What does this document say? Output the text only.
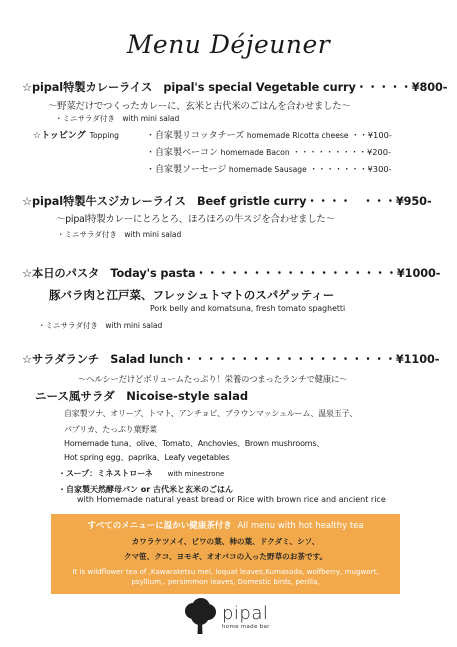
Menu Déjeuner
☆pipal特製カレーライス　pipal's special Vegetable curry・・・・・¥800-
〜野菜だけでつくったカレーに、玄米と古代米のごはんを合わせました〜
・ミニサラダ付き　with mini salad
☆トッピング Topping	・自家製リコッタチーズ homemade Ricotta cheese ・・¥100-
・自家製ベーコン homemade Bacon ・・・・・・・・・¥200-
・自家製ソーセージ homemade Sausage ・・・・・・・¥300-
☆pipal特製牛スジカレーライス　Beef gristle curry・・・・　・・・¥950-
〜pipal特製カレーにとろとろ、ほろほろの牛スジを合わせました〜
・ミニサラダ付き　with mini salad
☆本日のパスタ　Today's pasta・・・・・・・・・・・・・・・・・・¥1000-
豚バラ肉と江戸菜、フレッシュトマトのスパゲッティー
Pork belly and komatsuna, fresh tomato spaghetti
・ミニサラダ付き　with mini salad
☆サラダランチ　Salad lunch・・・・・・・・・・・・・・・・・・・¥1100-
〜ヘルシーだけどボリュームたっぷり！栄養のつまったランチで健康に〜
ニース風サラダ　Nicoise-style salad
自家製ツナ、オリーブ、トマト、アンチョビ、ブラウンマッシュルーム、温泉玉子、
パプリカ、たっぷり葉野菜
Homemade tuna、olive、Tomato、Anchovies、Brown mushrooms、
Hot spring egg、paprika、Leafy vegetables
・スープ：ミネストローネ with minestrone
・自家製天然酵母パン or 古代米と玄米のごはん
with Homemade natural yeast bread or Rice with brown rice and ancient rice
すべてのメニューに温かい健康茶付き All menu with hot healthy tea
カワラケツメイ、ビワの葉、柿の葉、ドクダミ、シソ、
クマ笹、クコ、ヨモギ、オオバコの入った野草のお茶です。
It is wildflower tea of ,Kawaratetsu mei, loquat leaves,Kumasada, wolfberry, mugwort, psyllium,. persimmon leaves, Domestic birds, perilla,
pipal
home made bar
